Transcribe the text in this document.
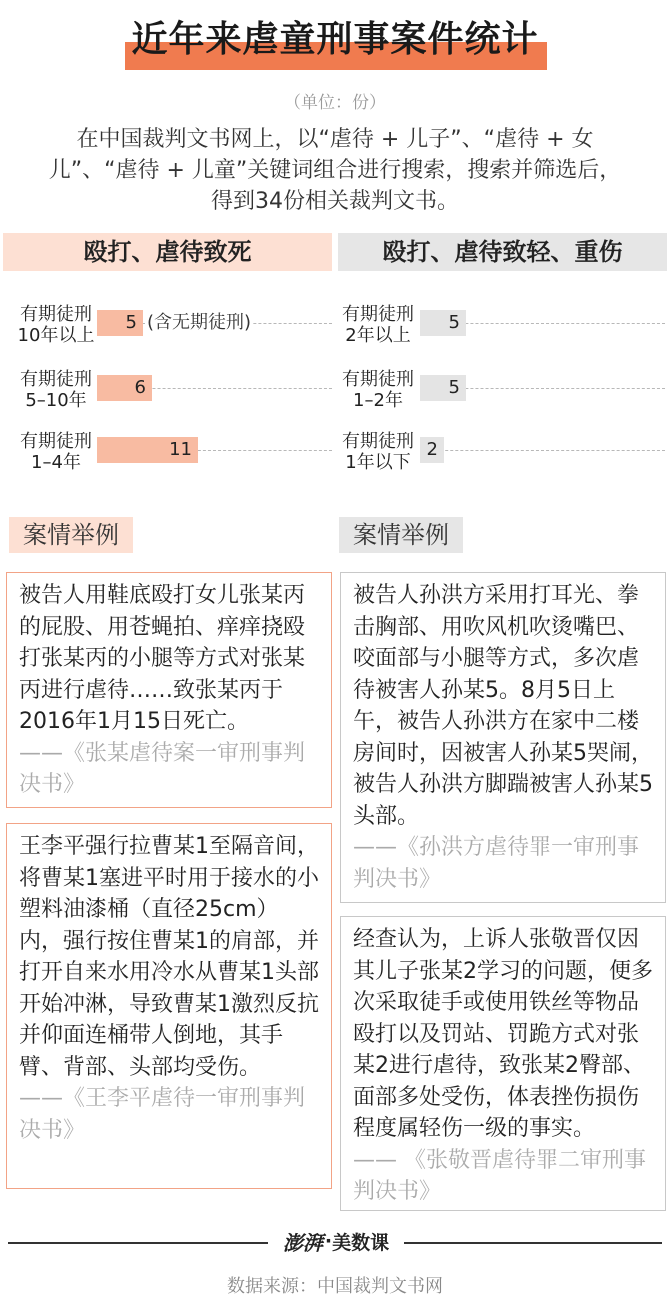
近年来虐童刑事案件统计
（单位：份）
在中国裁判文书网上，以“虐待 + 儿子”、“虐待 + 女儿”、“虐待 + 儿童”关键词组合进行搜索，搜索并筛选后，得到34份相关裁判文书。
殴打、虐待致死	殴打、虐待致轻、重伤
有期徒刑
10年以上
5 (含无期徒刑)
有期徒刑
5–10年
6
有期徒刑
1–4年
11
有期徒刑
2年以上
5
有期徒刑
1–2年
5
有期徒刑
1年以下
2
案情举例	案情举例
被告人用鞋底殴打女儿张某丙的屁股、用苍蝇拍、痒痒挠殴打张某丙的小腿等方式对张某丙进行虐待……致张某丙于2016年1月15日死亡。
——《张某虐待案一审刑事判决书》
王李平强行拉曹某1至隔音间，将曹某1塞进平时用于接水的小塑料油漆桶（直径25cm）内，强行按住曹某1的肩部，并打开自来水用冷水从曹某1头部开始冲淋，导致曹某1激烈反抗并仰面连桶带人倒地，其手臂、背部、头部均受伤。
——《王李平虐待一审刑事判决书》
被告人孙洪方采用打耳光、拳击胸部、用吹风机吹烫嘴巴、咬面部与小腿等方式，多次虐待被害人孙某5。8月5日上午，被告人孙洪方在家中二楼房间时，因被害人孙某5哭闹，被告人孙洪方脚踹被害人孙某5头部。
——《孙洪方虐待罪一审刑事判决书》
经查认为，上诉人张敬晋仅因其儿子张某2学习的问题，便多次采取徒手或使用铁丝等物品殴打以及罚站、罚跪方式对张某2进行虐待，致张某2臀部、面部多处受伤，体表挫伤损伤程度属轻伤一级的事实。
—— 《张敬晋虐待罪二审刑事判决书》
澎湃 · 美数课
数据来源：中国裁判文书网
